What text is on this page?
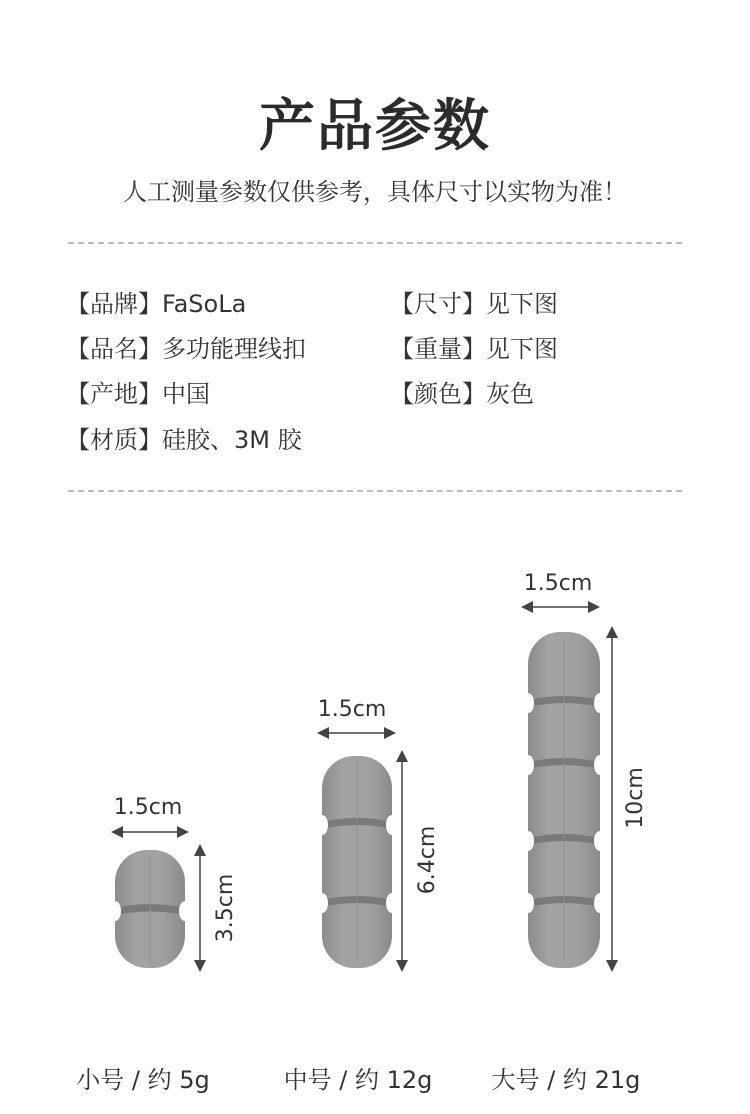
产品参数
人工测量参数仅供参考，具体尺寸以实物为准！
【品牌】FaSoLa
【品名】多功能理线扣
【产地】中国
【材质】硅胶、3M 胶
【尺寸】见下图
【重量】见下图
【颜色】灰色
1.5cm
3.5cm
1.5cm
6.4cm
1.5cm
10cm
小号 / 约 5g	中号 / 约 12g	大号 / 约 21g
